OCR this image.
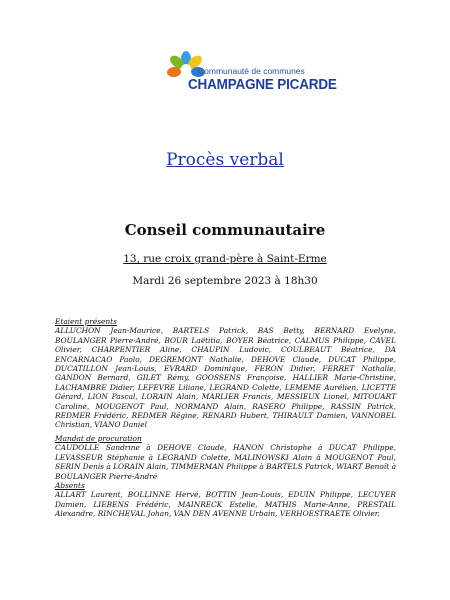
Communauté de communes
CHAMPAGNE PICARDE
Procès verbal
Conseil communautaire
13, rue croix grand-père à Saint-Erme
Mardi 26 septembre 2023 à 18h30
Etaient présents
ALLUCHON Jean-Maurice, BARTELS Patrick, BAS Betty, BERNARD Evelyne, BOULANGER Pierre-André, BOUR Laëtitia, BOYER Béatrice, CALMUS Philippe, CAVEL Olivier, CHARPENTIER Aline, CHAUPIN Ludovic, COULBEAUT Béatrice, DA ENCARNACAO Paolo, DEGREMONT Nathalie, DEHOVE Claude, DUCAT Philippe, DUCATILLON Jean-Louis, EVRARD Dominique, FERON Didier, FERRET Nathalie, GANDON Bernard, GILET Rémy, GOOSSENS Françoise, HALLIER Marie-Christine, LACHAMBRE Didier, LEFEVRE Liliane, LEGRAND Colette, LEMEME Aurélien, LICETTE Gérard, LION Pascal, LORAIN Alain, MARLIER Francis, MESSIEUX Lionel, MITOUART Caroline, MOUGENOT Paul, NORMAND Alain, RASERO Philippe, RASSIN Patrick, REDMER Frédéric, REDMER Régine, RENARD Hubert, THIRAULT Damien, VANNOBEL Christian, VIANO Daniel
Mandat de procuration
CAUDOLLE Sandrine à DEHOVE Claude, HANON Christophe à DUCAT Philippe, LEVASSEUR Stéphanie à LEGRAND Colette, MALINOWSKI Alain à MOUGENOT Paul, SERIN Denis à LORAIN Alain, TIMMERMAN Philippe à BARTELS Patrick, WIART Benoît à BOULANGER Pierre-André
Absents
ALLART Laurent, BOLLINNE Hervé, BOTTIN Jean-Louis, EDUIN Philippe, LECUYER Damien, LIEBENS Frédéric, MAINRECK Estelle, MATHIS Marie-Anne, PRESTAIL Alexandre, RINCHEVAL Johan, VAN DEN AVENNE Urbain, VERHOESTRAETE Olivier,
